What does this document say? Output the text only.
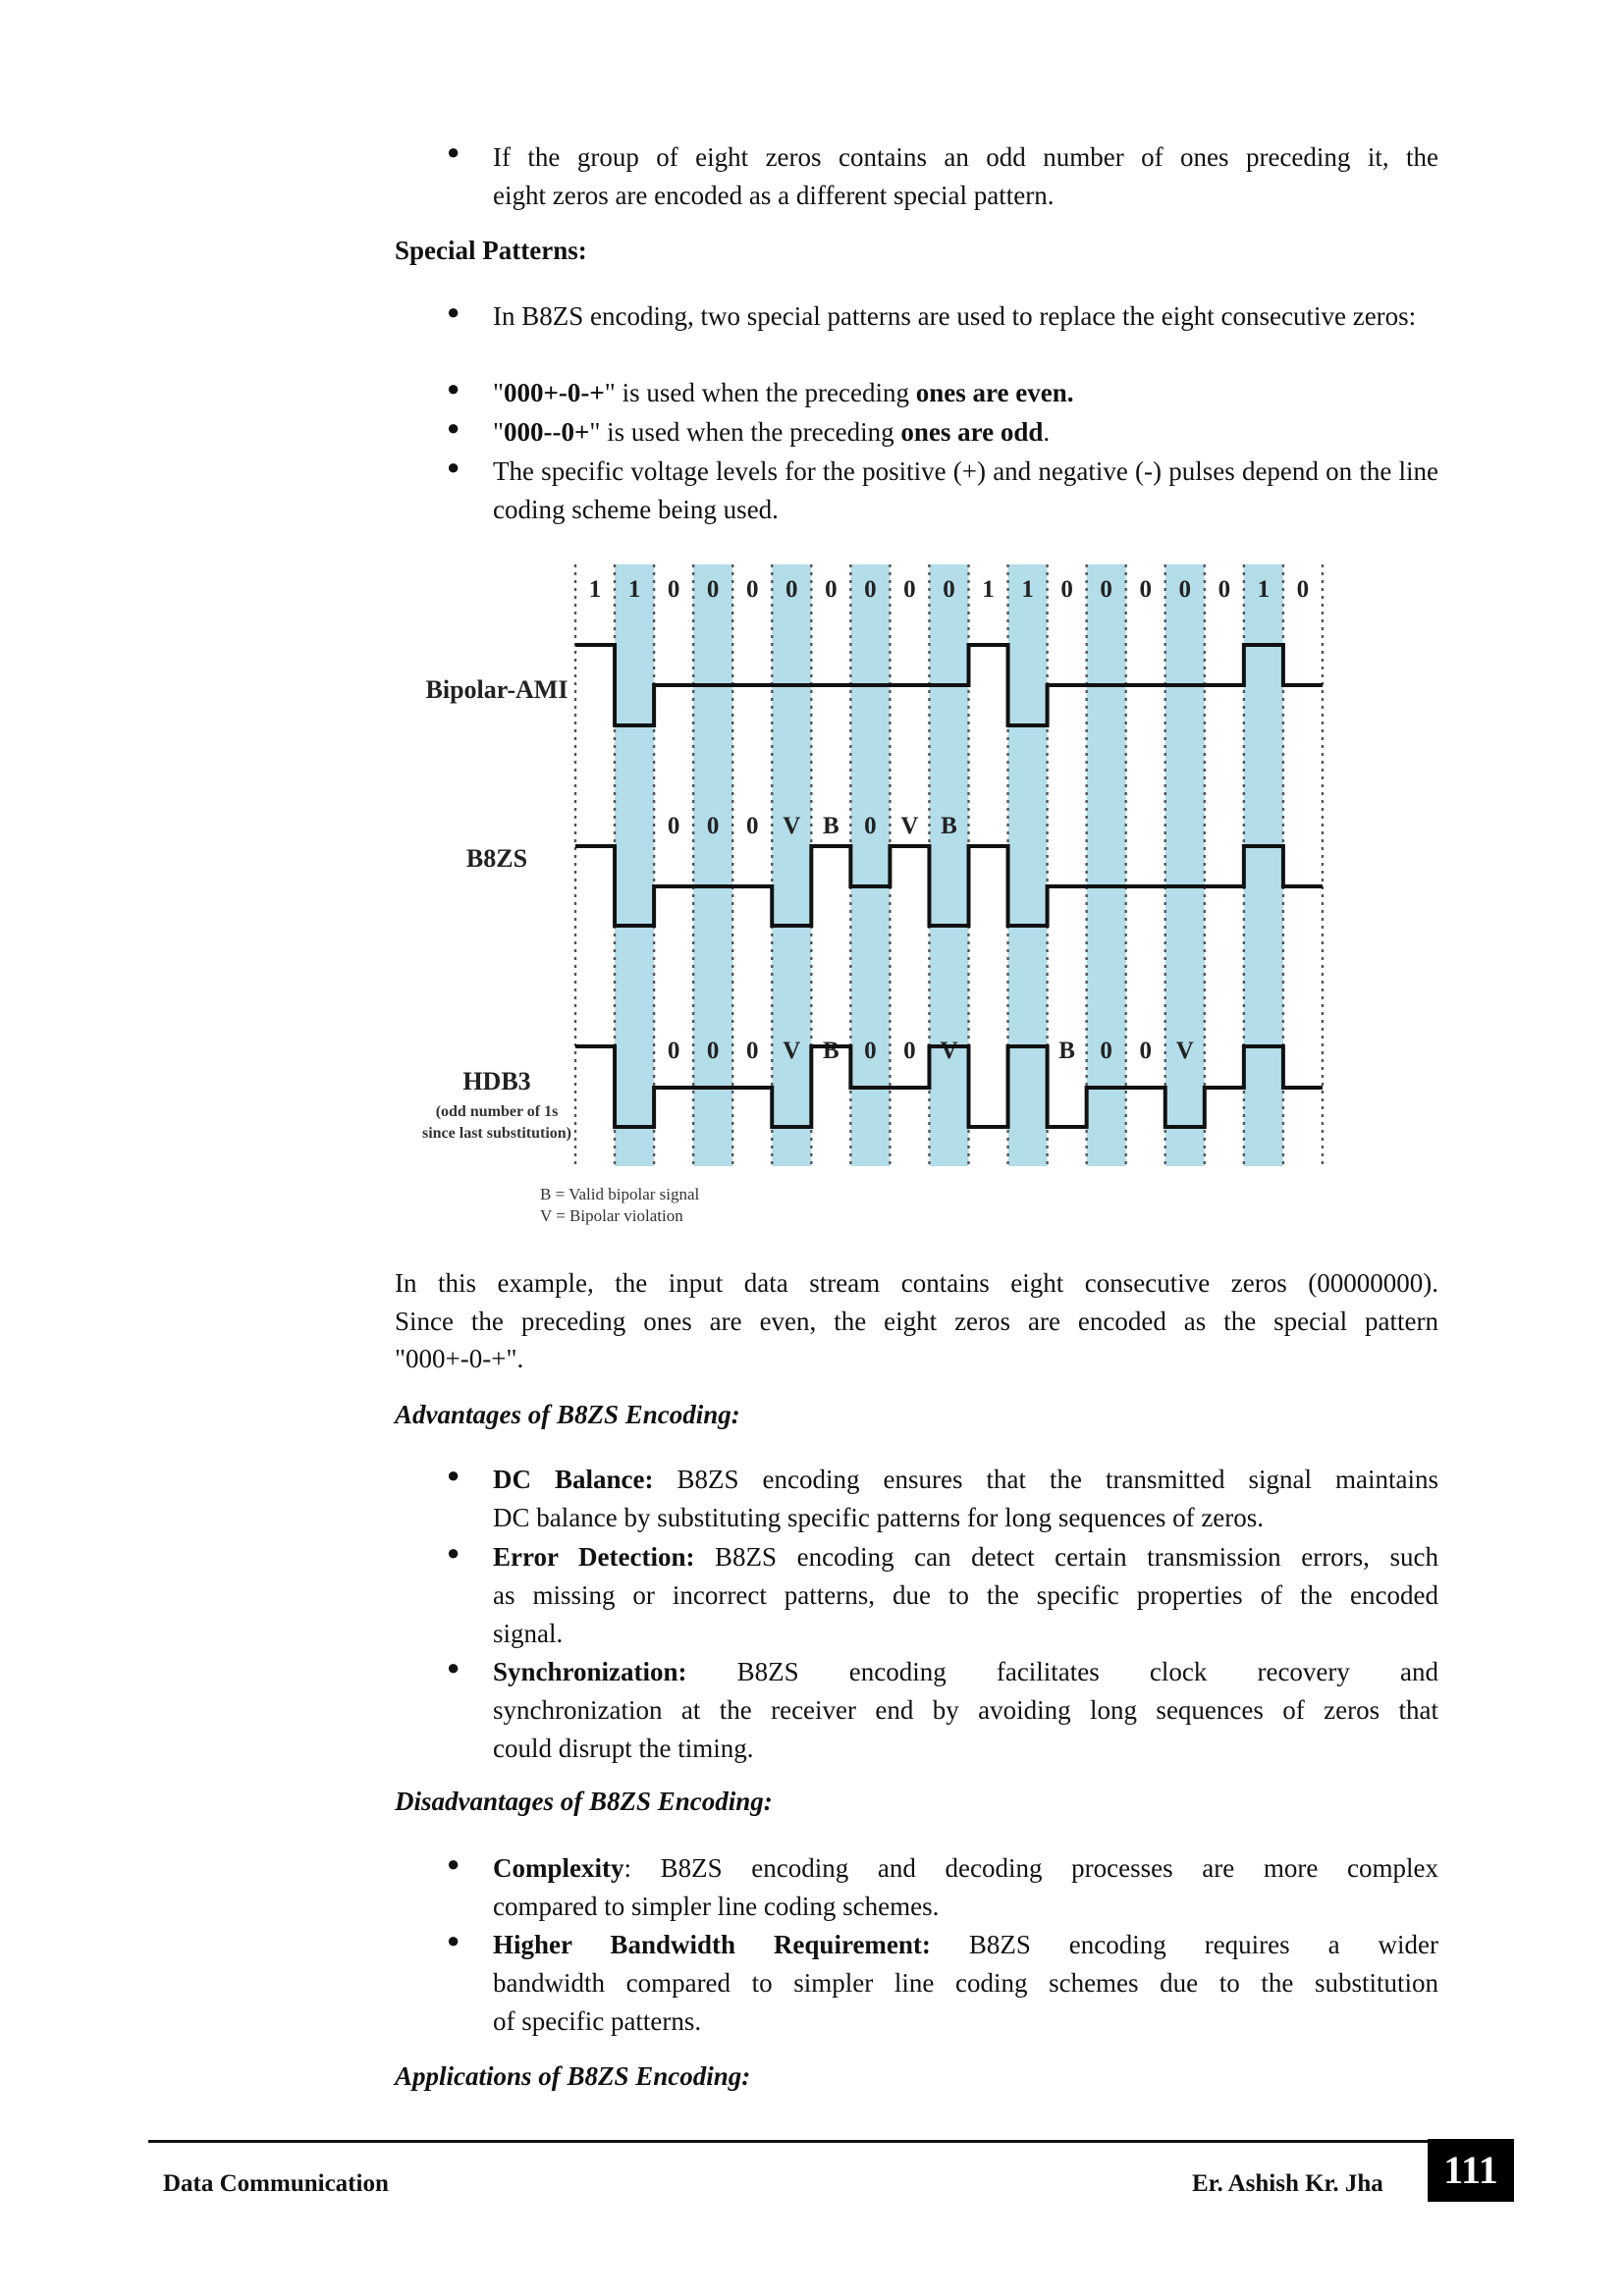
● If the group of eight zeros contains an odd number of ones preceding it, the
eight zeros are encoded as a different special pattern.
Special Patterns:
● In B8ZS encoding, two special patterns are used to replace the eight consecutive zeros:
● "000+-0-+" is used when the preceding ones are even.
● "000--0+" is used when the preceding ones are odd.
● The specific voltage levels for the positive (+) and negative (-) pulses depend on the line coding scheme being used.
1 1 0 0 0 0 0 0 0 0 1 1 0 0 0 0 0 1 0
Bipolar-AMI
B8ZS
0 0 0 V B 0 V B
HDB3
(odd number of 1s
since last substitution)
0 0 0 V B 0 0 V	B 0 0 V
B = Valid bipolar signal
V = Bipolar violation
In this example, the input data stream contains eight consecutive zeros (00000000).
Since the preceding ones are even, the eight zeros are encoded as the special pattern
"000+-0-+".
Advantages of B8ZS Encoding:
● DC Balance: B8ZS encoding ensures that the transmitted signal maintains
DC balance by substituting specific patterns for long sequences of zeros.
● Error Detection: B8ZS encoding can detect certain transmission errors, such
as missing or incorrect patterns, due to the specific properties of the encoded
signal.
● Synchronization: B8ZS encoding facilitates clock recovery and
synchronization at the receiver end by avoiding long sequences of zeros that
could disrupt the timing.
Disadvantages of B8ZS Encoding:
● Complexity: B8ZS encoding and decoding processes are more complex
compared to simpler line coding schemes.
● Higher Bandwidth Requirement: B8ZS encoding requires a wider
bandwidth compared to simpler line coding schemes due to the substitution
of specific patterns.
Applications of B8ZS Encoding:
Data Communication	Er. Ashish Kr. Jha	111
